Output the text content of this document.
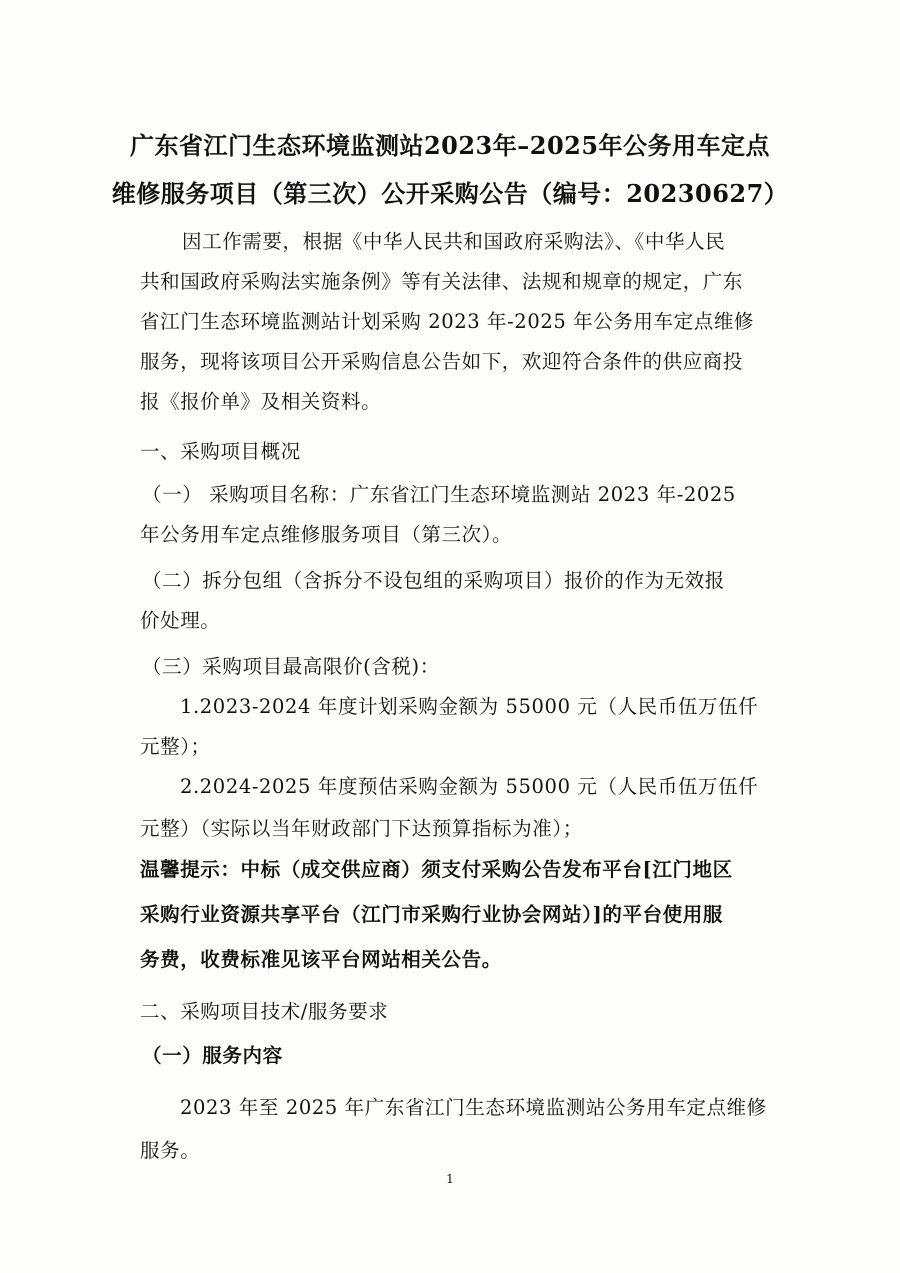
广东省江门生态环境监测站2023年–2025年公务用车定点
维修服务项目（第三次）公开采购公告（编号：20230627）
因工作需要，根据《中华人民共和国政府采购法》、《中华人民
共和国政府采购法实施条例》等有关法律、法规和规章的规定，广东
省江门生态环境监测站计划采购 2023 年-2025 年公务用车定点维修
服务，现将该项目公开采购信息公告如下，欢迎符合条件的供应商投
报《报价单》及相关资料。
一、采购项目概况
（一） 采购项目名称：广东省江门生态环境监测站 2023 年-2025
年公务用车定点维修服务项目（第三次）。
（二）拆分包组（含拆分不设包组的采购项目）报价的作为无效报
价处理。
（三）采购项目最高限价(含税)：
1.2023-2024 年度计划采购金额为 55000 元（人民币伍万伍仟
元整）；
2.2024-2025 年度预估采购金额为 55000 元（人民币伍万伍仟
元整）（实际以当年财政部门下达预算指标为准）；
温馨提示：中标（成交供应商）须支付采购公告发布平台[江门地区
采购行业资源共享平台（江门市采购行业协会网站）]的平台使用服
务费，收费标准见该平台网站相关公告。
二、采购项目技术/服务要求
（一）服务内容
2023 年至 2025 年广东省江门生态环境监测站公务用车定点维修
服务。
1
